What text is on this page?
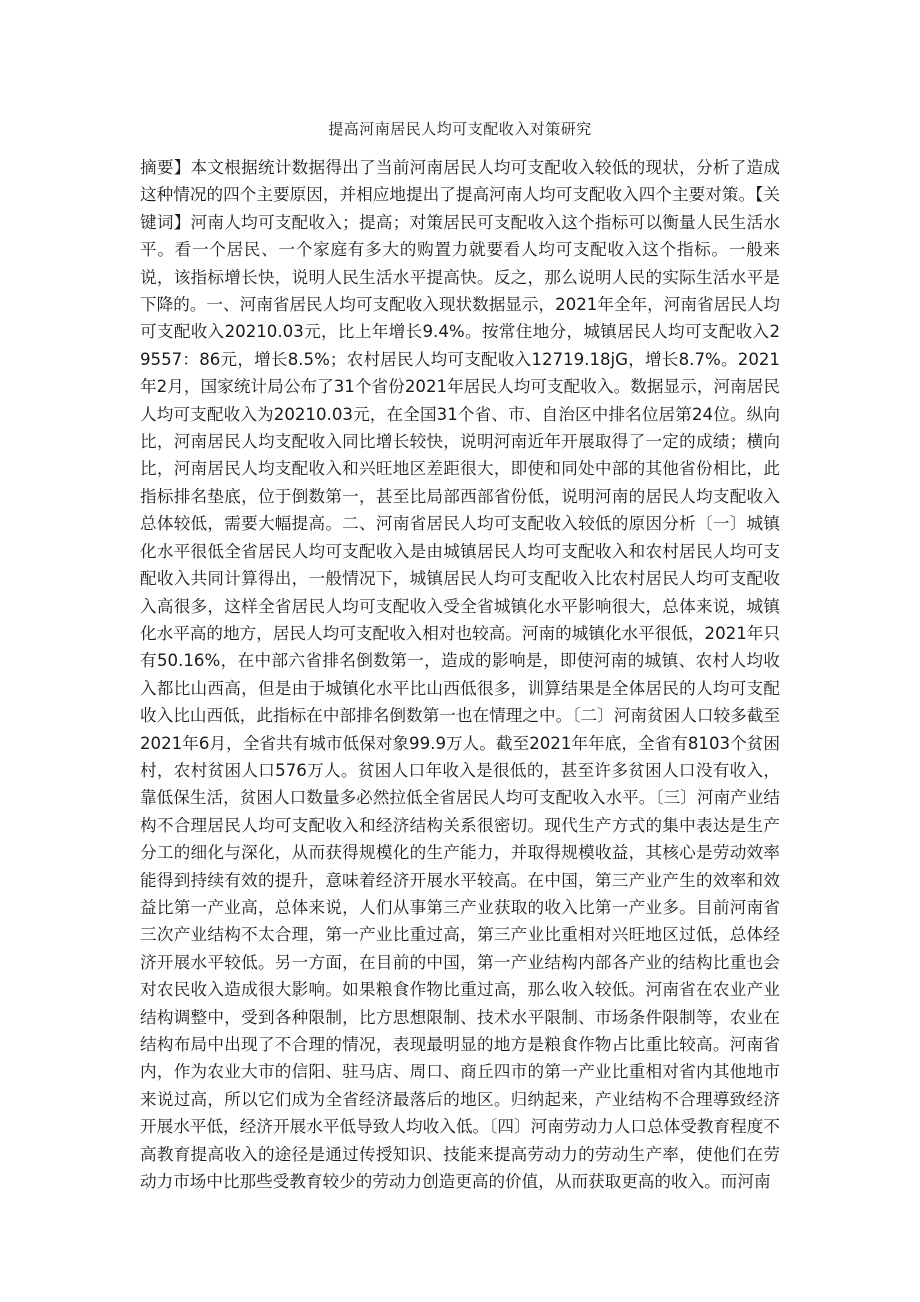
提高河南居民人均可支配收入对策研究

摘要】本文根据统计数据得出了当前河南居民人均可支配收入较低的现状，分析了造成这种情况的四个主要原因，并相应地提出了提高河南人均可支配收入四个主要对策。【关键词】河南人均可支配收入；提高；对策居民可支配收入这个指标可以衡量人民生活水平。看一个居民、一个家庭有多大的购置力就要看人均可支配收入这个指标。一般来说，该指标增长快，说明人民生活水平提高快。反之，那么说明人民的实际生活水平是下降的。一、河南省居民人均可支配收入现状数据显示，2021年全年，河南省居民人均可支配收入20210.03元，比上年增长9.4%。按常住地分，城镇居民人均可支配收入29557：86元，增长8.5%；农村居民人均可支配收入12719.18jG，增长8.7%。2021年2月，国家统计局公布了31个省份2021年居民人均可支配收入。数据显示，河南居民人均可支配收入为20210.03元，在全国31个省、市、自治区中排名位居第24位。纵向比，河南居民人均支配收入同比增长较快，说明河南近年开展取得了一定的成绩；横向比，河南居民人均支配收入和兴旺地区差距很大，即使和同处中部的其他省份相比，此指标排名垫底，位于倒数第一，甚至比局部西部省份低，说明河南的居民人均支配收入总体较低，需要大幅提高。二、河南省居民人均可支配收入较低的原因分析〔一〕城镇化水平很低全省居民人均可支配收入是由城镇居民人均可支配收入和农村居民人均可支配收入共同计算得出，一般情况下，城镇居民人均可支配收入比农村居民人均可支配收入高很多，这样全省居民人均可支配收入受全省城镇化水平影响很大，总体来说，城镇化水平高的地方，居民人均可支配收入相对也较高。河南的城镇化水平很低，2021年只有50.16%，在中部六省排名倒数第一，造成的影响是，即使河南的城镇、农村人均收入都比山西高，但是由于城镇化水平比山西低很多，训算结果是全体居民的人均可支配收入比山西低，此指标在中部排名倒数第一也在情理之中。〔二〕河南贫困人口较多截至2021年6月，全省共有城市低保对象99.9万人。截至2021年年底，全省有8103个贫困村，农村贫困人口576万人。贫困人口年收入是很低的，甚至许多贫困人口没有收入，靠低保生活，贫困人口数量多必然拉低全省居民人均可支配收入水平。〔三〕河南产业结构不合理居民人均可支配收入和经济结构关系很密切。现代生产方式的集中表达是生产分工的细化与深化，从而获得规模化的生产能力，并取得规模收益，其核心是劳动效率能得到持续有效的提升，意味着经济开展水平较高。在中国，第三产业产生的效率和效益比第一产业高，总体来说，人们从事第三产业获取的收入比第一产业多。目前河南省三次产业结构不太合理，第一产业比重过高，第三产业比重相对兴旺地区过低，总体经济开展水平较低。另一方面，在目前的中国，第一产业结构内部各产业的结构比重也会对农民收入造成很大影响。如果粮食作物比重过高，那么收入较低。河南省在农业产业结构调整中，受到各种限制，比方思想限制、技术水平限制、市场条件限制等，农业在结构布局中出现了不合理的情况，表现最明显的地方是粮食作物占比重比较高。河南省内，作为农业大市的信阳、驻马店、周口、商丘四市的第一产业比重相对省内其他地市来说过高，所以它们成为全省经济最落后的地区。归纳起来，产业结构不合理導致经济开展水平低，经济开展水平低导致人均收入低。〔四〕河南劳动力人口总体受教育程度不高教育提高收入的途径是通过传授知识、技能来提高劳动力的劳动生产率，使他们在劳动力市场中比那些受教育较少的劳动力创造更高的价值，从而获取更高的收入。而河南
